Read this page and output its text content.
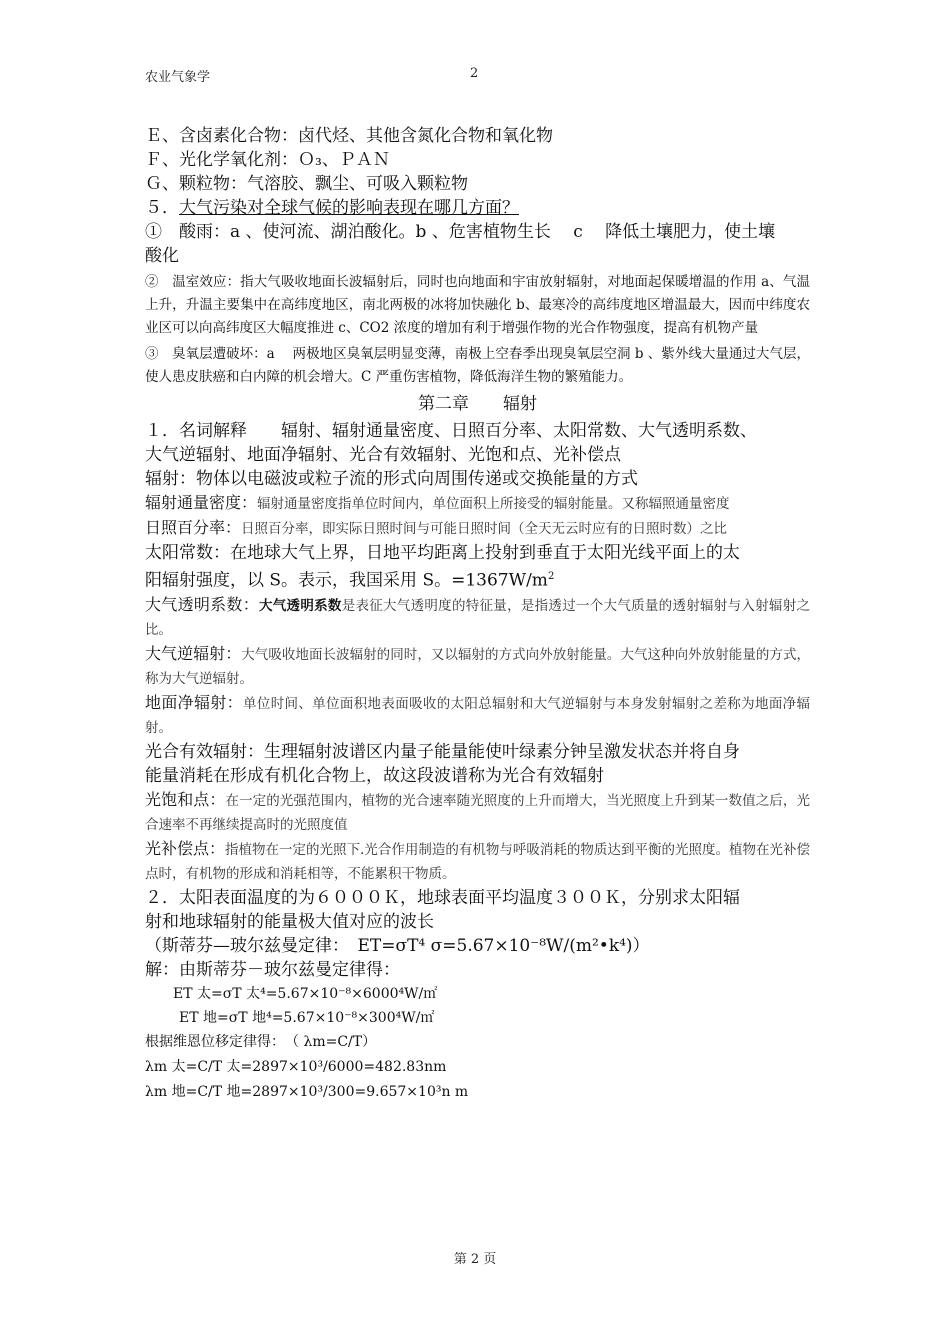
农业气象学	2

Ｅ、含卤素化合物：卤代烃、其他含氮化合物和氧化物

Ｆ、光化学氧化剂：Ｏ₃、ＰＡＮ

Ｇ、颗粒物：气溶胶、飘尘、可吸入颗粒物

５．大气污染对全球气候的影响表现在哪几方面？

①　酸雨：a 、使河流、湖泊酸化。b 、危害植物生长　 c　 降低土壤肥力，使土壤

酸化

②　温室效应：指大气吸收地面长波辐射后，同时也向地面和宇宙放射辐射，对地面起保暖增温的作用 a、气温上升，升温主要集中在高纬度地区，南北两极的冰将加快融化 b、最寒冷的高纬度地区增温最大，因而中纬度农业区可以向高纬度区大幅度推进 c、CO2 浓度的增加有利于增强作物的光合作物强度，提高有机物产量

③　臭氧层遭破坏：a　 两极地区臭氧层明显变薄，南极上空春季出现臭氧层空洞 b 、紫外线大量通过大气层，使人患皮肤癌和白内障的机会增大。C 严重伤害植物，降低海洋生物的繁殖能力。

第二章　　辐射

１．名词解释　　辐射、辐射通量密度、日照百分率、太阳常数、大气透明系数、

大气逆辐射、地面净辐射、光合有效辐射、光饱和点、光补偿点

辐射：物体以电磁波或粒子流的形式向周围传递或交换能量的方式

辐射通量密度：辐射通量密度指单位时间内，单位面积上所接受的辐射能量。又称辐照通量密度

日照百分率：日照百分率，即实际日照时间与可能日照时间（全天无云时应有的日照时数）之比

太阳常数：在地球大气上界，日地平均距离上投射到垂直于太阳光线平面上的太

阳辐射强度，以 S。表示，我国采用 S。$=1367W/m^2$

大气透明系数：大气透明系数是表征大气透明度的特征量，是指透过一个大气质量的透射辐射与入射辐射之比。

大气逆辐射：大气吸收地面长波辐射的同时，又以辐射的方式向外放射能量。大气这种向外放射能量的方式，称为大气逆辐射。

地面净辐射：单位时间、单位面积地表面吸收的太阳总辐射和大气逆辐射与本身发射辐射之差称为地面净辐射。

光合有效辐射：生理辐射波谱区内量子能量能使叶绿素分钟呈激发状态并将自身

能量消耗在形成有机化合物上，故这段波谱称为光合有效辐射

光饱和点：在一定的光强范围内，植物的光合速率随光照度的上升而增大，当光照度上升到某一数值之后，光合速率不再继续提高时的光照度值

光补偿点：指植物在一定的光照下.光合作用制造的有机物与呼吸消耗的物质达到平衡的光照度。植物在光补偿点时，有机物的形成和消耗相等，不能累积干物质。

２．太阳表面温度的为６０００Ｋ，地球表面平均温度３００Ｋ，分别求太阳辐

射和地球辐射的能量极大值对应的波长

（斯蒂芬—玻尔兹曼定律：　ET=σT⁴ σ=5.67×10⁻⁸W/(m²•k⁴)）

解：由斯蒂芬－玻尔兹曼定律得：

ET 太=σT 太⁴=5.67×10⁻⁸×6000⁴W/㎡

ET 地=σT 地⁴=5.67×10⁻⁸×300⁴W/㎡

根据维恩位移定律得：　（ λm=C/T）

λm 太=C/T 太=2897×10³/6000=482.83nm

λm 地=C/T 地=2897×10³/300=9.657×10³n m

第 2 页
